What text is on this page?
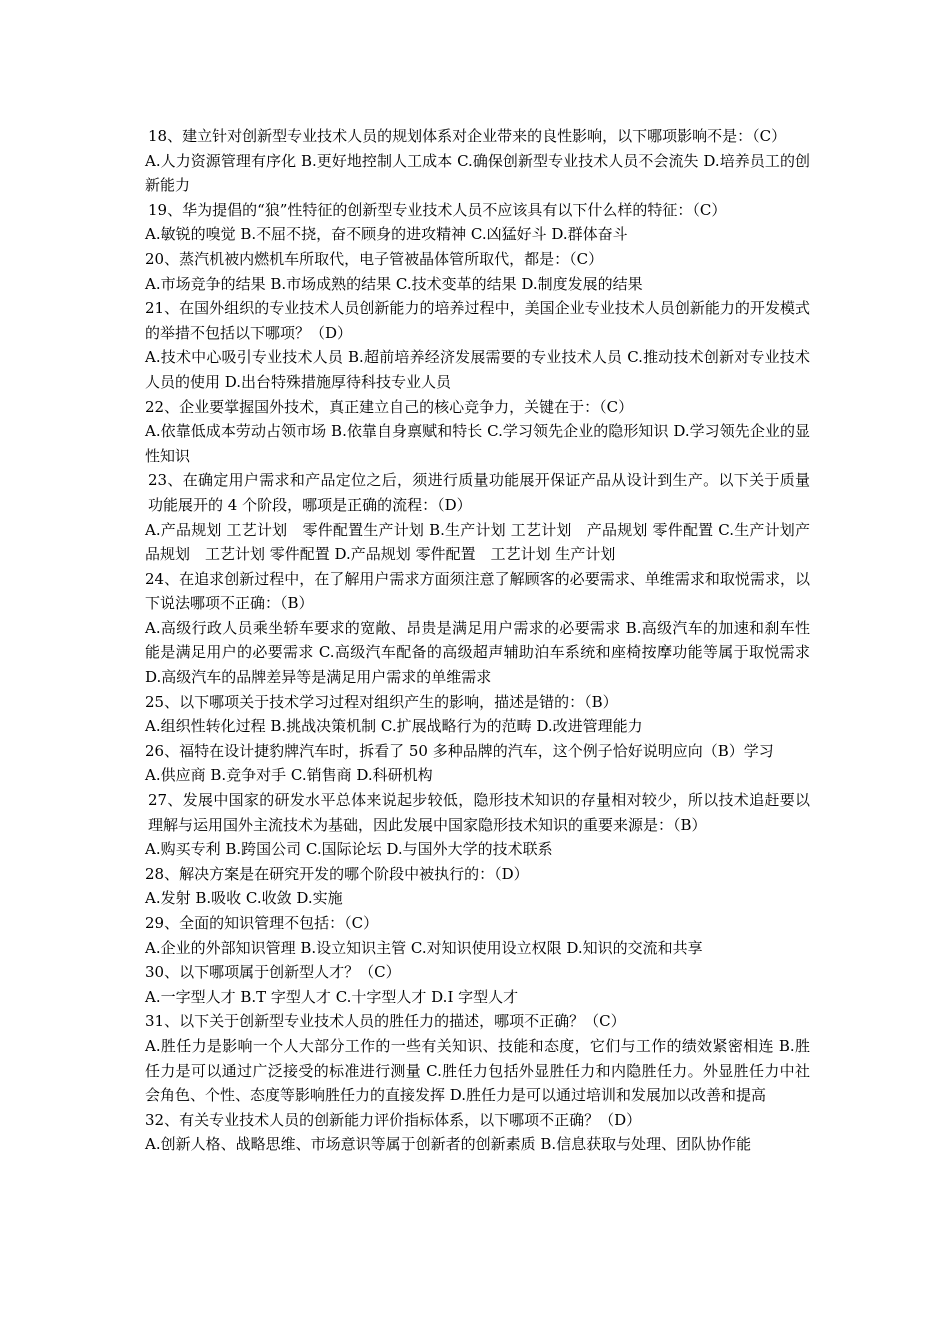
18、建立针对创新型专业技术人员的规划体系对企业带来的良性影响，以下哪项影响不是：（C）

A.人力资源管理有序化 B.更好地控制人工成本 C.确保创新型专业技术人员不会流失 D.培养员工的创新能力

19、华为提倡的“狼”性特征的创新型专业技术人员不应该具有以下什么样的特征：（C）

A.敏锐的嗅觉 B.不屈不挠，奋不顾身的进攻精神 C.凶猛好斗 D.群体奋斗

20、蒸汽机被内燃机车所取代，电子管被晶体管所取代，都是：（C）

A.市场竞争的结果 B.市场成熟的结果 C.技术变革的结果 D.制度发展的结果

21、在国外组织的专业技术人员创新能力的培养过程中，美国企业专业技术人员创新能力的开发模式的举措不包括以下哪项？（D）

A.技术中心吸引专业技术人员 B.超前培养经济发展需要的专业技术人员 C.推动技术创新对专业技术人员的使用 D.出台特殊措施厚待科技专业人员

22、企业要掌握国外技术，真正建立自己的核心竞争力，关键在于：（C）

A.依靠低成本劳动占领市场 B.依靠自身禀赋和特长 C.学习领先企业的隐形知识 D.学习领先企业的显性知识

23、在确定用户需求和产品定位之后，须进行质量功能展开保证产品从设计到生产。以下关于质量功能展开的 4 个阶段，哪项是正确的流程：（D）

A.产品规划 工艺计划　零件配置生产计划 B.生产计划 工艺计划　产品规划 零件配置 C.生产计划产品规划　工艺计划 零件配置 D.产品规划 零件配置　工艺计划 生产计划

24、在追求创新过程中，在了解用户需求方面须注意了解顾客的必要需求、单维需求和取悦需求，以下说法哪项不正确：（B）

A.高级行政人员乘坐轿车要求的宽敞、昂贵是满足用户需求的必要需求 B.高级汽车的加速和刹车性能是满足用户的必要需求 C.高级汽车配备的高级超声辅助泊车系统和座椅按摩功能等属于取悦需求 D.高级汽车的品牌差异等是满足用户需求的单维需求

25、以下哪项关于技术学习过程对组织产生的影响，描述是错的：（B）

A.组织性转化过程 B.挑战决策机制 C.扩展战略行为的范畴 D.改进管理能力

26、福特在设计捷豹牌汽车时，拆看了 50 多种品牌的汽车，这个例子恰好说明应向（B）学习

A.供应商 B.竞争对手 C.销售商 D.科研机构

27、发展中国家的研发水平总体来说起步较低，隐形技术知识的存量相对较少，所以技术追赶要以理解与运用国外主流技术为基础，因此发展中国家隐形技术知识的重要来源是：（B）

A.购买专利 B.跨国公司 C.国际论坛 D.与国外大学的技术联系

28、解决方案是在研究开发的哪个阶段中被执行的：（D）

A.发射 B.吸收 C.收敛 D.实施

29、全面的知识管理不包括：（C）

A.企业的外部知识管理 B.设立知识主管 C.对知识使用设立权限 D.知识的交流和共享

30、以下哪项属于创新型人才？（C）

A.一字型人才 B.T 字型人才 C.十字型人才 D.I 字型人才

31、以下关于创新型专业技术人员的胜任力的描述，哪项不正确？（C）

A.胜任力是影响一个人大部分工作的一些有关知识、技能和态度，它们与工作的绩效紧密相连 B.胜任力是可以通过广泛接受的标准进行测量 C.胜任力包括外显胜任力和内隐胜任力。外显胜任力中社会角色、个性、态度等影响胜任力的直接发挥 D.胜任力是可以通过培训和发展加以改善和提高

32、有关专业技术人员的创新能力评价指标体系，以下哪项不正确？（D）

A.创新人格、战略思维、市场意识等属于创新者的创新素质 B.信息获取与处理、团队协作能
